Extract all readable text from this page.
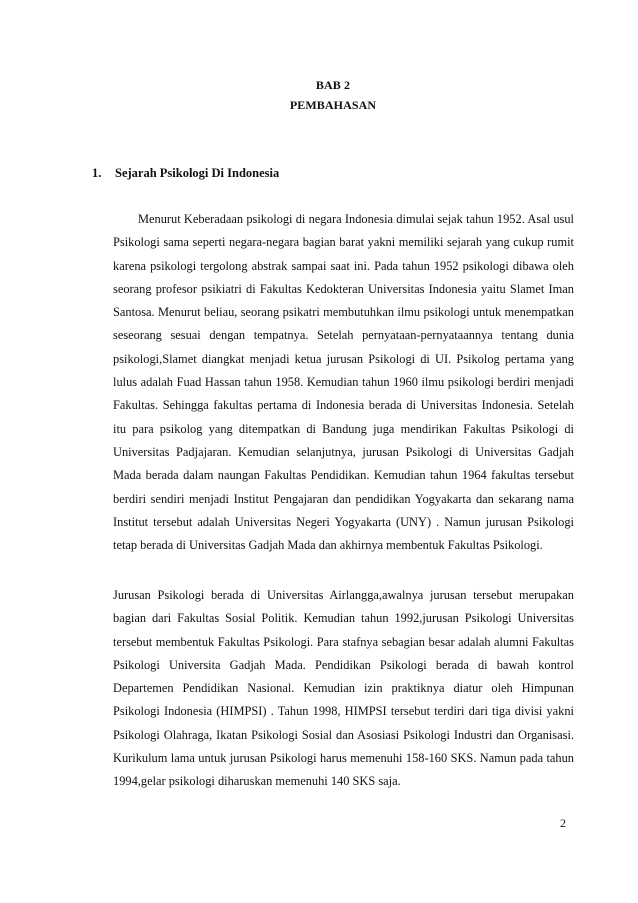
BAB 2
PEMBAHASAN
1. Sejarah Psikologi Di Indonesia

Menurut Keberadaan psikologi di negara Indonesia dimulai sejak tahun 1952. Asal usul Psikologi sama seperti negara-negara bagian barat yakni memiliki sejarah yang cukup rumit karena psikologi tergolong abstrak sampai saat ini. Pada tahun 1952 psikologi dibawa oleh seorang profesor psikiatri di Fakultas Kedokteran Universitas Indonesia yaitu Slamet Iman Santosa. Menurut beliau, seorang psikatri membutuhkan ilmu psikologi untuk menempatkan seseorang sesuai dengan tempatnya. Setelah pernyataan-pernyataannya tentang dunia psikologi,Slamet diangkat menjadi ketua jurusan Psikologi di UI. Psikolog pertama yang lulus adalah Fuad Hassan tahun 1958. Kemudian tahun 1960 ilmu psikologi berdiri menjadi Fakultas. Sehingga fakultas pertama di Indonesia berada di Universitas Indonesia. Setelah itu para psikolog yang ditempatkan di Bandung juga mendirikan Fakultas Psikologi di Universitas Padjajaran. Kemudian selanjutnya, jurusan Psikologi di Universitas Gadjah Mada berada dalam naungan Fakultas Pendidikan. Kemudian tahun 1964 fakultas tersebut berdiri sendiri menjadi Institut Pengajaran dan pendidikan Yogyakarta dan sekarang nama Institut tersebut adalah Universitas Negeri Yogyakarta (UNY) . Namun jurusan Psikologi tetap berada di Universitas Gadjah Mada dan akhirnya membentuk Fakultas Psikologi.

Jurusan Psikologi berada di Universitas Airlangga,awalnya jurusan tersebut merupakan bagian dari Fakultas Sosial Politik. Kemudian tahun 1992,jurusan Psikologi Universitas tersebut membentuk Fakultas Psikologi. Para stafnya sebagian besar adalah alumni Fakultas Psikologi Universita Gadjah Mada. Pendidikan Psikologi berada di bawah kontrol Departemen Pendidikan Nasional. Kemudian izin praktiknya diatur oleh Himpunan Psikologi Indonesia (HIMPSI) . Tahun 1998, HIMPSI tersebut terdiri dari tiga divisi yakni Psikologi Olahraga, Ikatan Psikologi Sosial dan Asosiasi Psikologi Industri dan Organisasi. Kurikulum lama untuk jurusan Psikologi harus memenuhi 158-160 SKS. Namun pada tahun 1994,gelar psikologi diharuskan memenuhi 140 SKS saja.

2
